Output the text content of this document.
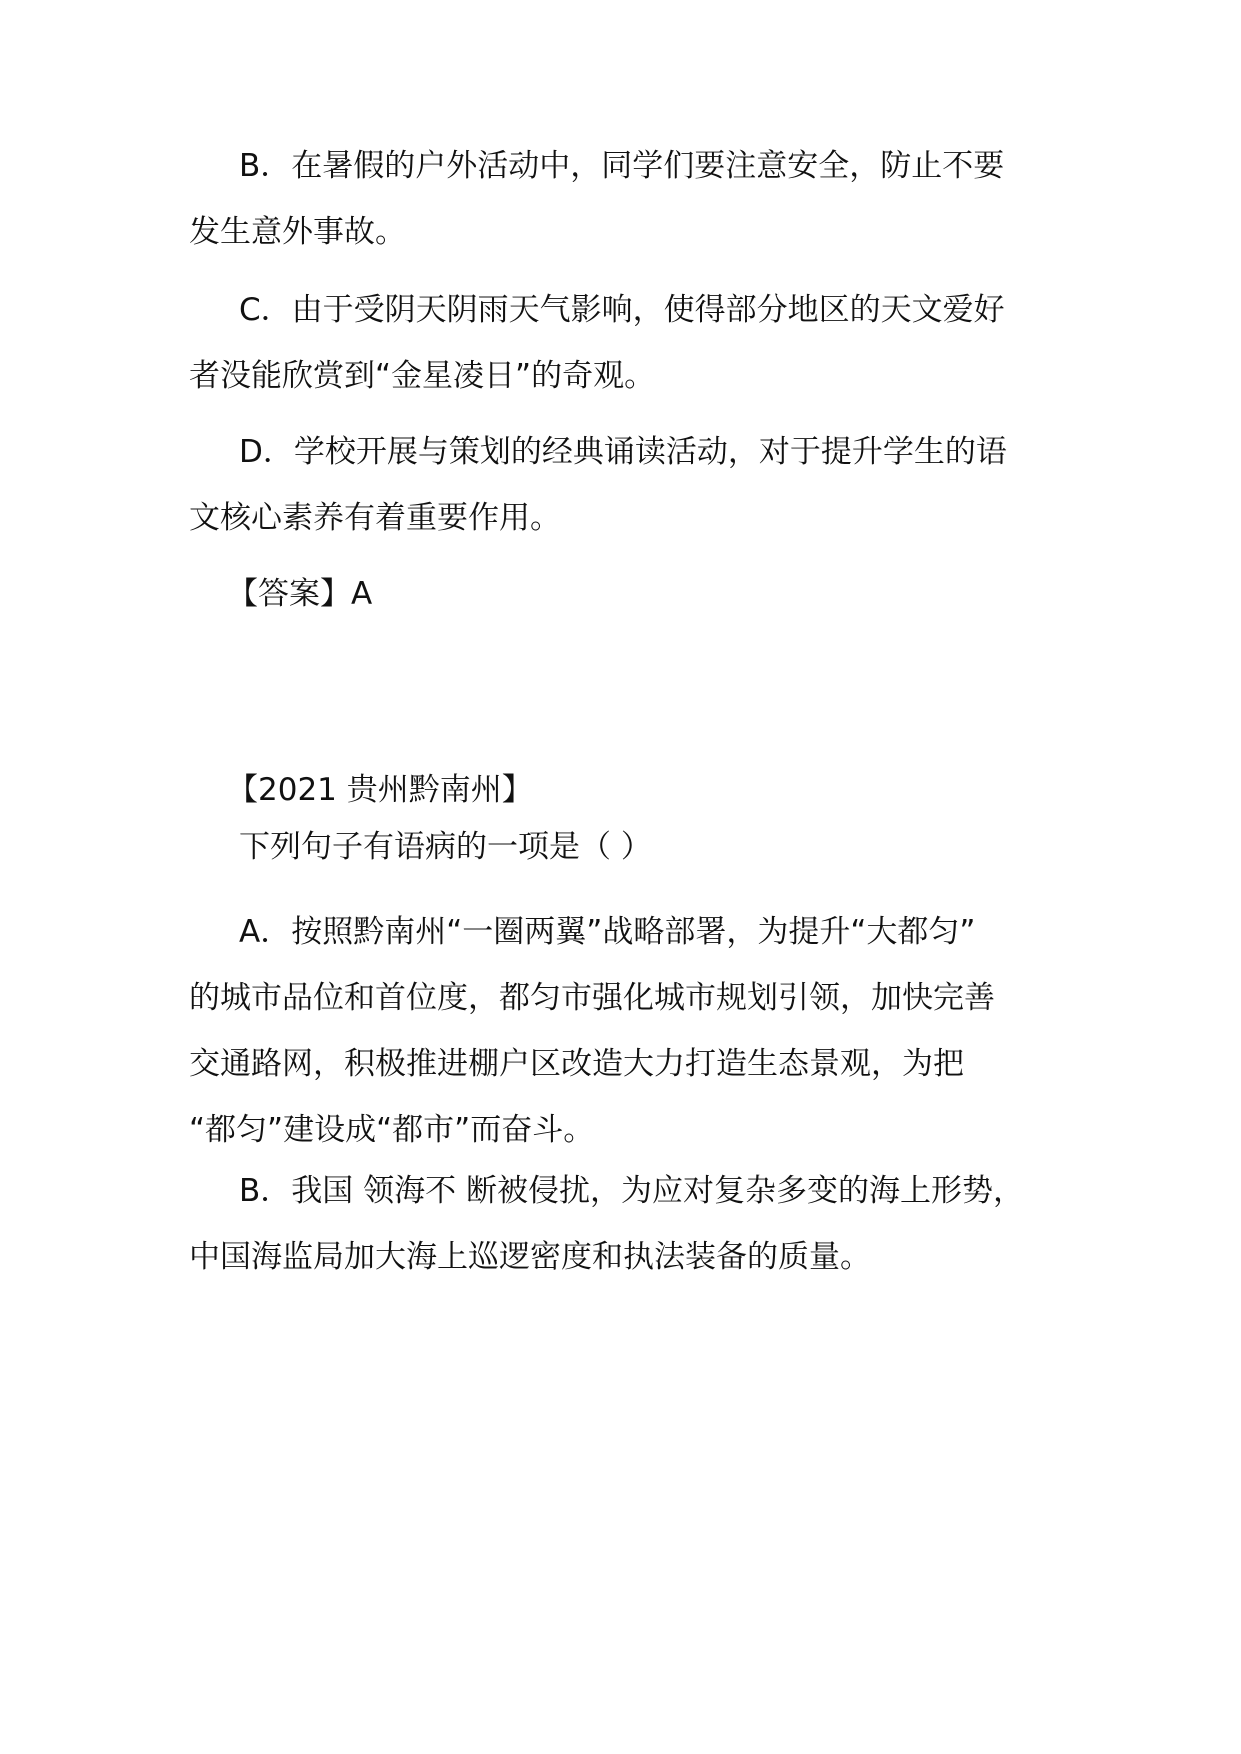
B．在暑假的户外活动中，同学们要注意安全，防止不要
发生意外事故。
C．由于受阴天阴雨天气影响，使得部分地区的天文爱好
者没能欣赏到“金星凌日”的奇观。
D．学校开展与策划的经典诵读活动，对于提升学生的语
文核心素养有着重要作用。
【答案】A
【2021 贵州黔南州】
下列句子有语病的一项是（ ）
A．按照黔南州“一圈两翼”战略部署，为提升“大都匀”
的城市品位和首位度，都匀市强化城市规划引领，加快完善
交通路网，积极推进棚户区改造大力打造生态景观，为把
“都匀”建设成“都市”而奋斗。
B．我国 领海不 断被侵扰，为应对复杂多变的海上形势，
中国海监局加大海上巡逻密度和执法装备的质量。
